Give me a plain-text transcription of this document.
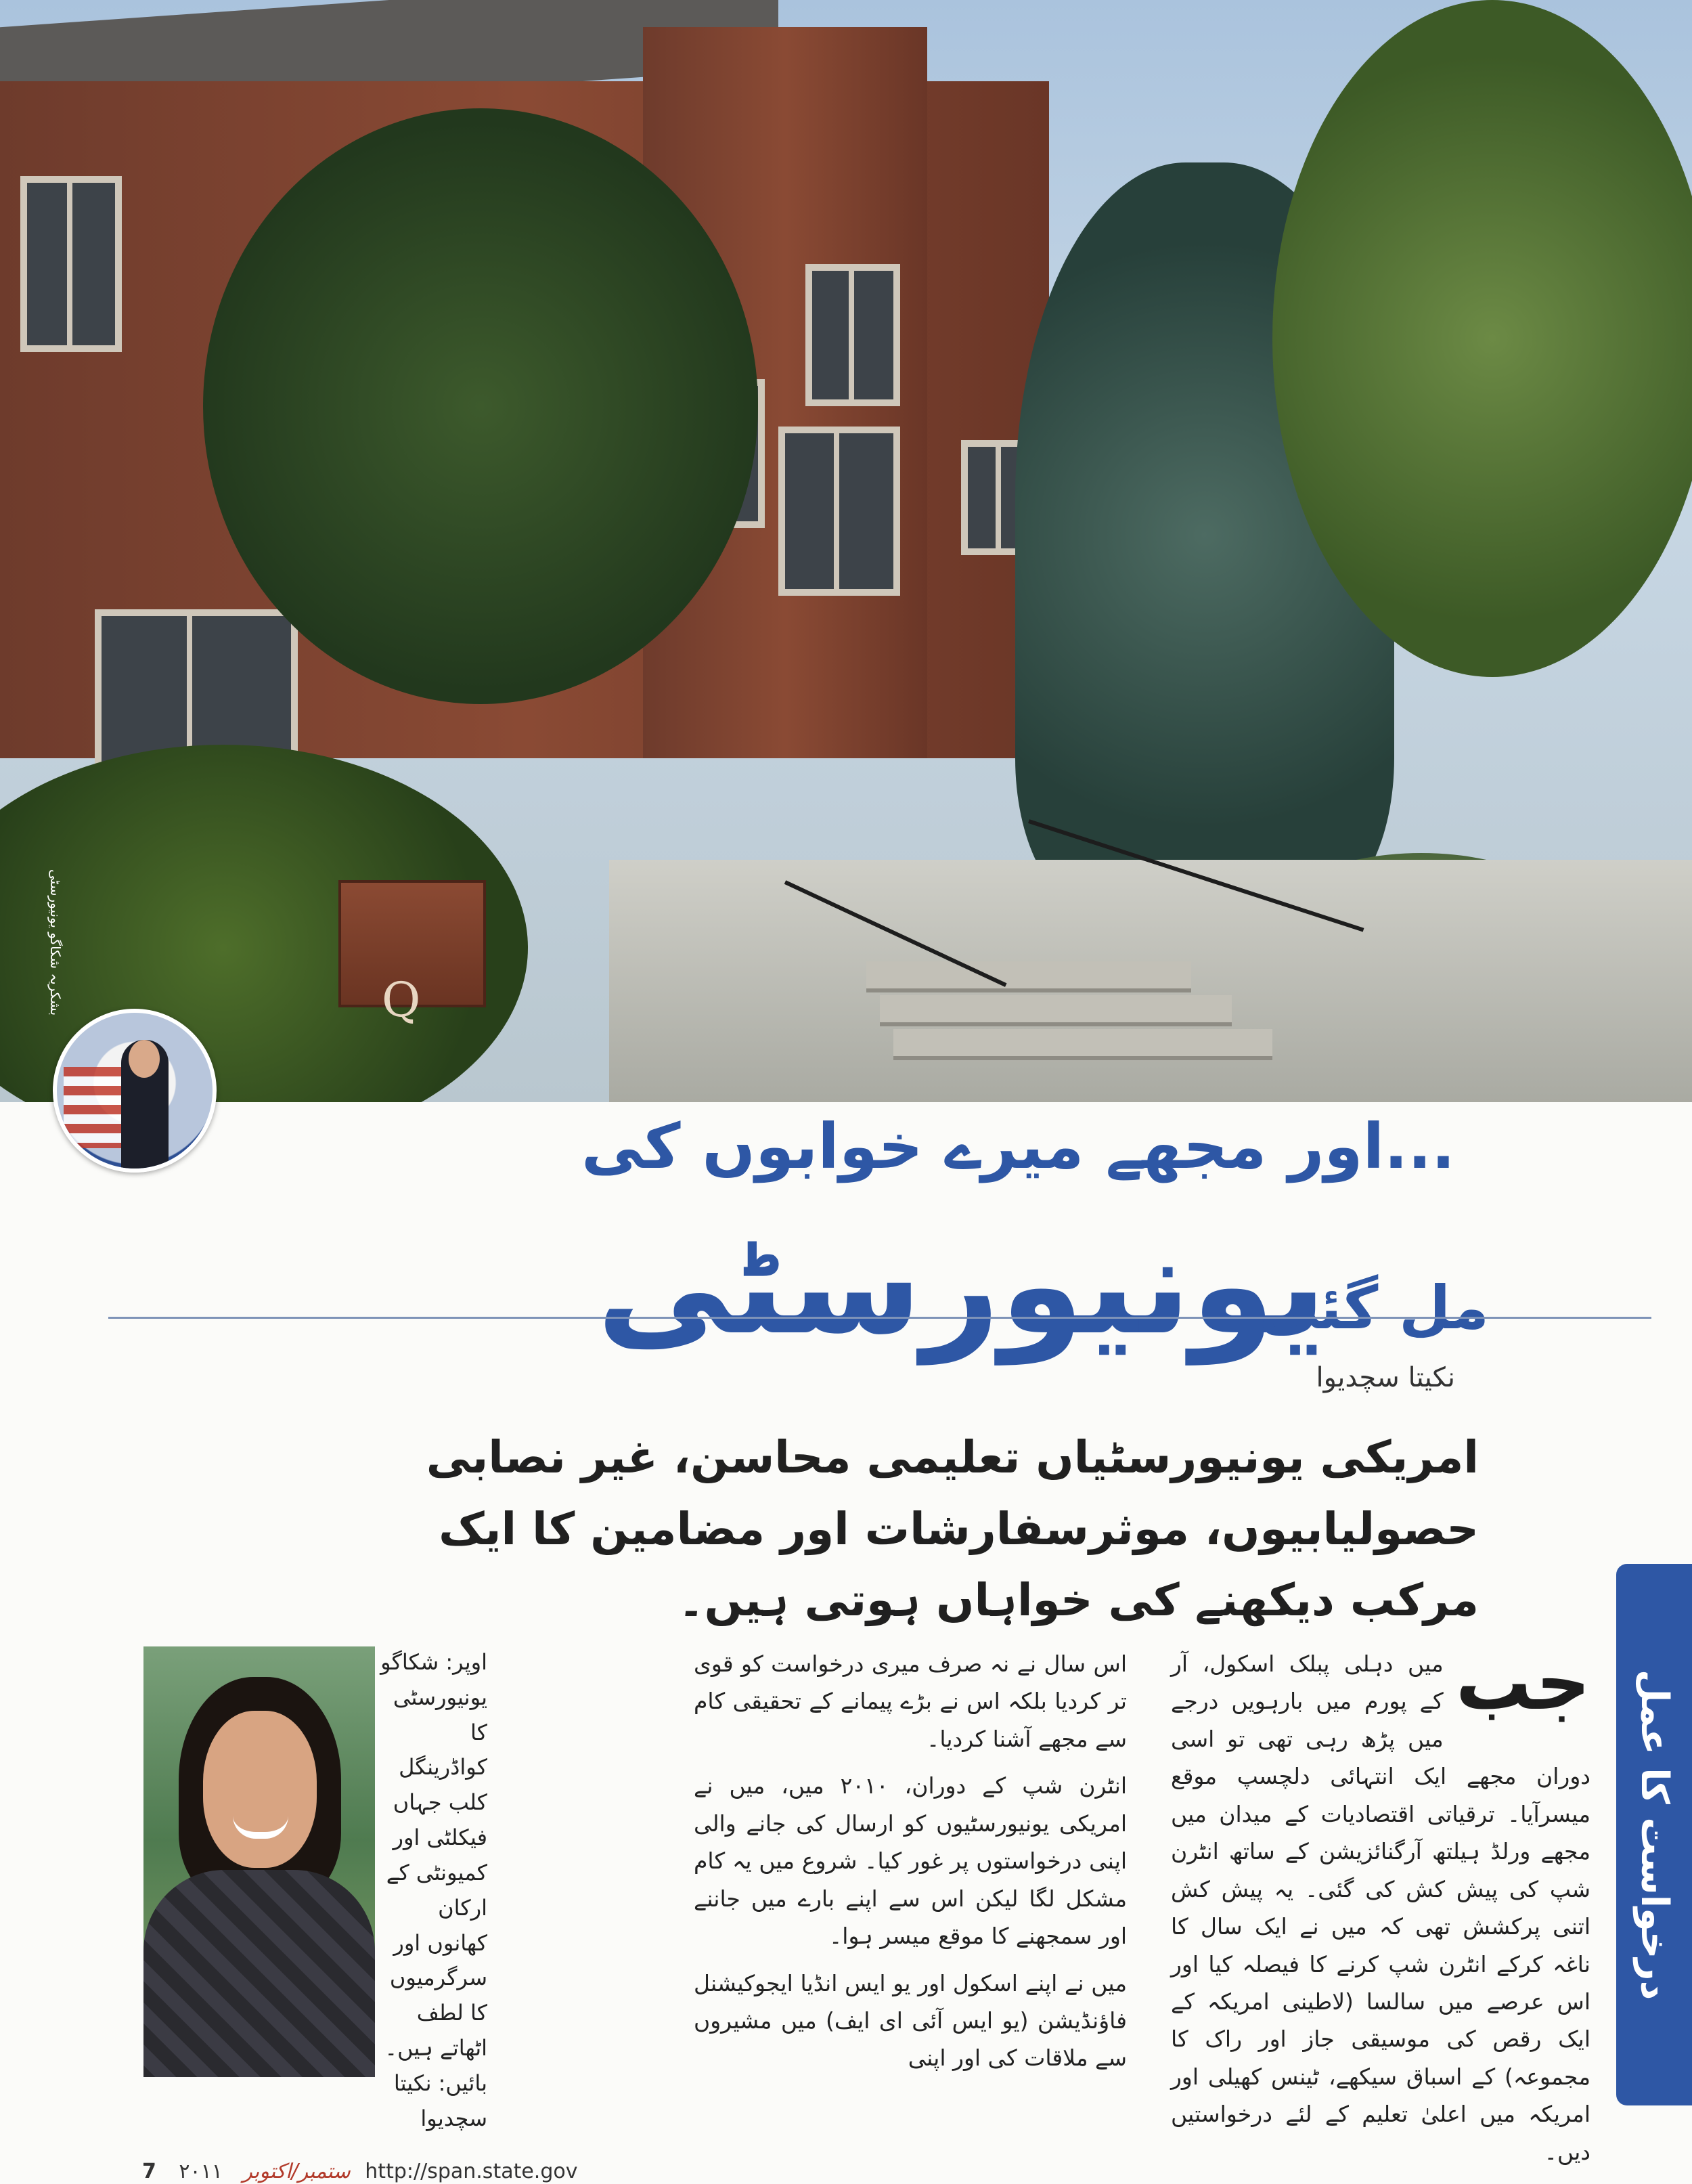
Q
بشکریہ شکاگو یونیورسٹی
...اور مجھے میرے خوابوں کی
یونیورسٹی
مل گئی
نکیتا سچدیوا
امریکی یونیورسٹیاں تعلیمی محاسن، غیر نصابی حصولیابیوں، موثرسفارشات اور مضامین کا ایک مرکب دیکھنے کی خواہاں ہوتی ہیں۔
درخواست کا عمل
جب

میں دہلی پبلک اسکول، آر کے پورم میں بارہویں درجے میں پڑھ رہی تھی تو اسی دوران مجھے ایک انتہائی دلچسپ موقع میسرآیا۔ ترقیاتی اقتصادیات کے میدان میں مجھے ورلڈ ہیلتھ آرگنائزیشن کے ساتھ انٹرن شپ کی پیش کش کی گئی۔ یہ پیش کش اتنی پرکشش تھی کہ میں نے ایک سال کا ناغہ کرکے انٹرن شپ کرنے کا فیصلہ کیا اور اس عرصے میں سالسا (لاطینی امریکہ کے ایک رقص کی موسیقی جاز اور راک کا مجموعہ) کے اسباق سیکھے، ٹینس کھیلی اور امریکہ میں اعلیٰ تعلیم کے لئے درخواستیں دیں۔

اس سال نے نہ صرف میری درخواست کو قوی تر کردیا بلکہ اس نے بڑے پیمانے کے تحقیقی کام سے مجھے آشنا کردیا۔

انٹرن شپ کے دوران، ۲۰۱۰ میں، میں نے امریکی یونیورسٹیوں کو ارسال کی جانے والی اپنی درخواستوں پر غور کیا۔ شروع میں یہ کام مشکل لگا لیکن اس سے اپنے بارے میں جاننے اور سمجھنے کا موقع میسر ہوا۔

میں نے اپنے اسکول اور یو ایس انڈیا ایجوکیشنل فاؤنڈیشن (یو ایس آئی ای ایف) میں مشیروں سے ملاقات کی اور اپنی

اوپر: شکاگو یونیورسٹی کا کواڈرینگل کلب جہاں فیکلٹی اور کمیونٹی کے ارکان کھانوں اور سرگرمیوں کا لطف اٹھاتے ہیں۔ بائیں: نکیتا سچدیوا
7 ۲۰۱۱ ستمبر/اکتوبر http://span.state.gov
